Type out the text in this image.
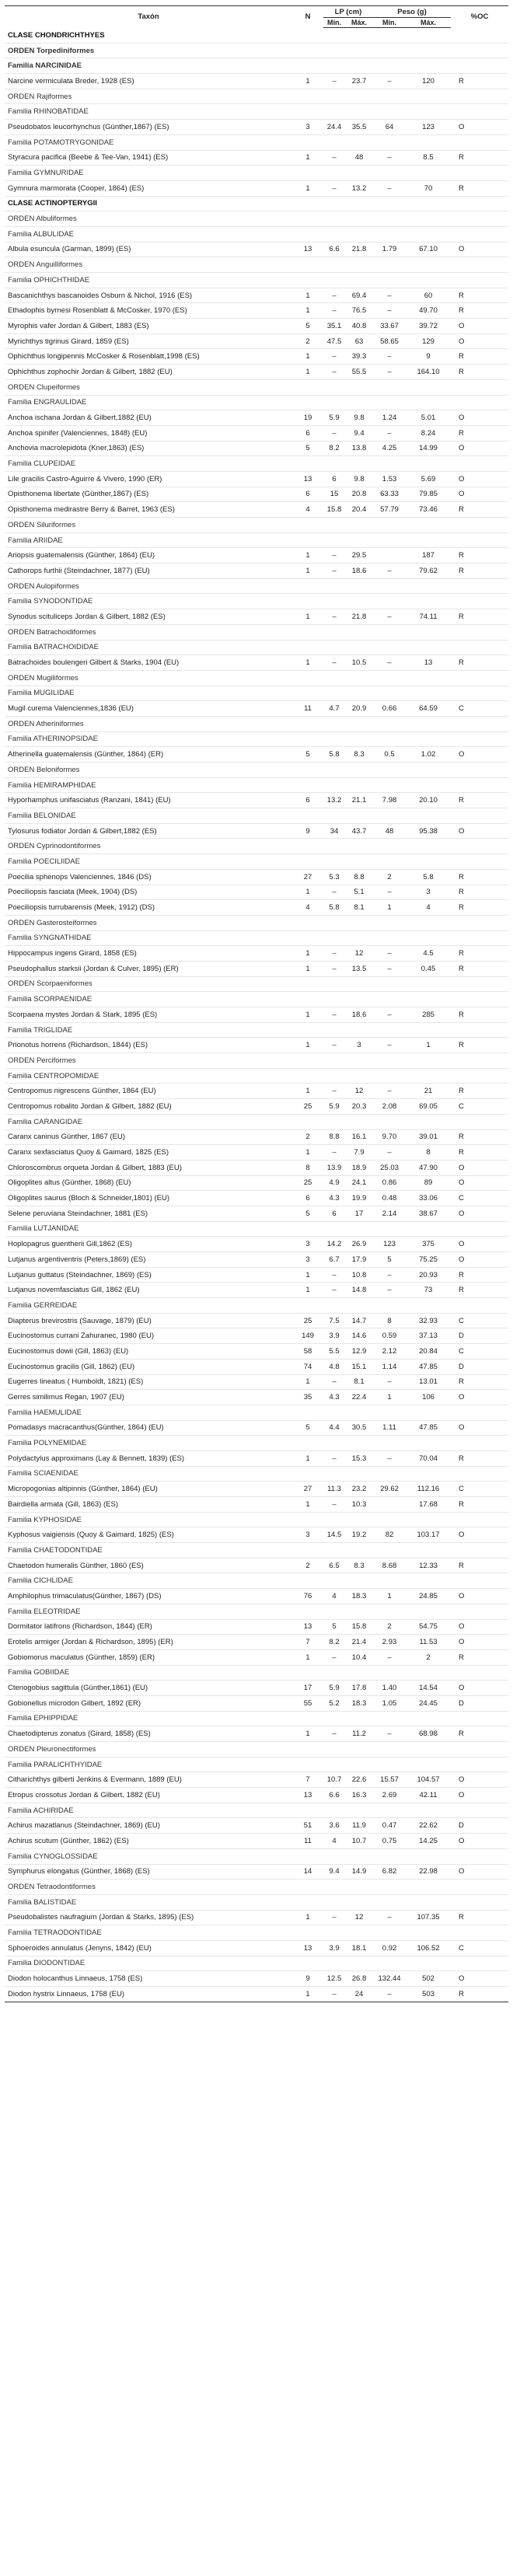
Taxón	N	LP (cm)		Peso (g)		%OC
		Mín.	Máx.	Mín.	Máx.	
CLASE CHONDRICHTHYES						
ORDEN Torpediniformes						
Familia NARCINIDAE						
Narcine vermiculata Breder, 1928 (ES)	1	–	23.7	–	120	R
ORDEN Rajiformes						
Familia RHINOBATIDAE						
Pseudobatos leucorhynchus (Günther,1867) (ES)	3	24.4	35.5	64	123	O
Familia POTAMOTRYGONIDAE						
Styracura pacifica (Beebe & Tee-Van, 1941) (ES)	1	–	48	–	8.5	R
Familia GYMNURIDAE						
Gymnura marmorata (Cooper, 1864) (ES)	1	–	13.2	–	70	R
CLASE ACTINOPTERYGII						
ORDEN Albuliformes						
Familia ALBULIDAE						
Albula esuncula (Garman, 1899) (ES)	13	6.6	21.8	1.79	67.10	O
ORDEN Anguilliformes						
Familia OPHICHTHIDAE						
Bascanichthys bascanoides Osburn & Nichol, 1916 (ES)	1	–	69.4	–	60	R
Ethadophis byrnesi Rosenblatt & McCosker, 1970 (ES)	1	–	76.5	–	49.70	R
Myrophis vafer Jordan & Gilbert, 1883 (ES)	5	35.1	40.8	33.67	39.72	O
Myrichthys tigrinus Girard, 1859 (ES)	2	47.5	63	58.65	129	O
Ophichthus longipennis McCosker & Rosenblatt,1998 (ES)	1	–	39.3	–	9	R
Ophichthus zophochir Jordan & Gilbert, 1882 (EU)	1	–	55.5	–	164.10	R
ORDEN Clupeiformes						
Familia ENGRAULIDAE						
Anchoa ischana Jordan & Gilbert,1882 (EU)	19	5.9	9.8	1.24	5.01	O
Anchoa spinifer (Valenciennes, 1848) (EU)	6	–	9.4	–	8.24	R
Anchovia macrolepidota (Kner,1863) (ES)	5	8.2	13.8	4.25	14.99	O
Familia CLUPEIDAE						
Lile gracilis Castro-Aguirre & Vivero, 1990 (ER)	13	6	9.8	1.53	5.69	O
Opisthonema libertate (Günther,1867) (ES)	6	15	20.8	63.33	79.85	O
Opisthonema medirastre Berry & Barret, 1963 (ES)	4	15.8	20.4	57.79	73.46	R
ORDEN Siluriformes						
Familia ARIIDAE						
Ariopsis guatemalensis (Günther, 1864) (EU)	1	–	29.5		187	R
Cathorops furthii (Steindachner, 1877) (EU)	1	–	18.6	–	79.62	R
ORDEN Aulopiformes						
Familia SYNODONTIDAE						
Synodus scituliceps Jordan & Gilbert, 1882 (ES)	1	–	21.8	–	74.11	R
ORDEN Batrachoidiformes						
Familia BATRACHOIDIDAE						
Batrachoides boulengeri Gilbert & Starks, 1904 (EU)	1	–	10.5	–	13	R
ORDEN Mugiliformes						
Familia MUGILIDAE						
Mugil curema Valenciennes,1836 (EU)	11	4.7	20.9	0.66	64.59	C
ORDEN Atheriniformes						
Familia ATHERINOPSIDAE						
Atherinella guatemalensis (Günther, 1864) (ER)	5	5.8	8.3	0.5	1.02	O
ORDEN Beloniformes						
Familia HEMIRAMPHIDAE						
Hyporhamphus unifasciatus (Ranzani, 1841) (EU)	6	13.2	21.1	7.98	20.10	R
Familia BELONIDAE						
Tylosurus fodiator Jordan & Gilbert,1882 (ES)	9	34	43.7	48	95.38	O
ORDEN Cyprinodontiformes						
Familia POECILIIDAE						
Poecilia sphenops Valenciennes, 1846 (DS)	27	5.3	8.8	2	5.8	R
Poeciliopsis fasciata (Meek, 1904) (DS)	1	–	5.1	–	3	R
Poeciliopsis turrubarensis (Meek, 1912) (DS)	4	5.8	8.1	1	4	R
ORDEN Gasterosteiformes						
Familia SYNGNATHIDAE						
Hippocampus ingens Girard, 1858 (ES)	1	–	12	–	4.5	R
Pseudophallus starksii (Jordan & Culver, 1895) (ER)	1	–	13.5	–	0.45	R
ORDEN Scorpaeniformes						
Familia SCORPAENIDAE						
Scorpaena mystes Jordan & Stark, 1895 (ES)	1	–	18.6	–	285	R
Familia TRIGLIDAE						
Prionotus horrens (Richardson, 1844) (ES)	1	–	3	–	1	R
ORDEN Perciformes						
Familia CENTROPOMIDAE						
Centropomus nigrescens Günther, 1864 (EU)	1	–	12	–	21	R
Centropomus robalito Jordan & Gilbert, 1882 (EU)	25	5.9	20.3	2.08	69.05	C
Familia CARANGIDAE						
Caranx caninus Günther, 1867 (EU)	2	8.8	16.1	9.70	39.01	R
Caranx sexfasciatus Quoy & Gaimard, 1825 (ES)	1	–	7.9	–	8	R
Chloroscombrus orqueta Jordan & Gilbert, 1883 (EU)	8	13.9	18.9	25.03	47.90	O
Oligoplites altus (Günther, 1868) (EU)	25	4.9	24.1	0.86	89	O
Oligoplites saurus (Bloch & Schneider,1801) (EU)	6	4.3	19.9	0.48	33.06	C
Selene peruviana Steindachner, 1881 (ES)	5	6	17	2.14	38.67	O
Familia LUTJANIDAE						
Hoplopagrus guentherii Gill,1862 (ES)	3	14.2	26.9	123	375	O
Lutjanus argentiventris (Peters,1869) (ES)	3	6.7	17.9	5	75.25	O
Lutjanus guttatus (Steindachner, 1869) (ES)	1	–	10.8	–	20.93	R
Lutjanus novemfasciatus Gill, 1862 (EU)	1	–	14.8	–	73	R
Familia GERREIDAE						
Diapterus brevirostris (Sauvage, 1879) (EU)	25	7.5	14.7	8	32.93	C
Eucinostomus currani Zahuranec, 1980 (EU)	149	3.9	14.6	0.59	37.13	D
Eucinostomus dowii (Gill, 1863) (EU)	58	5.5	12.9	2.12	20.84	C
Eucinostomus gracilis (Gill, 1862) (EU)	74	4.8	15.1	1.14	47.85	D
Eugerres lineatus ( Humboldt, 1821) (ES)	1	–	8.1	–	13.01	R
Gerres similimus Regan, 1907 (EU)	35	4.3	22.4	1	106	O
Familia HAEMULIDAE						
Pomadasys macracanthus(Günther, 1864) (EU)	5	4.4	30.5	1.11	47.85	O
Familia POLYNEMIDAE						
Polydactylus approximans (Lay & Bennett, 1839) (ES)	1	–	15.3	–	70.04	R
Familia SCIAENIDAE						
Micropogonias altipinnis (Günther, 1864) (EU)	27	11.3	23.2	29.62	112.16	C
Bairdiella armata (Gill, 1863) (ES)	1	–	10.3		17.68	R
Familia KYPHOSIDAE						
Kyphosus vaigiensis (Quoy & Gaimard, 1825) (ES)	3	14.5	19.2	82	103.17	O
Familia CHAETODONTIDAE						
Chaetodon humeralis Günther, 1860 (ES)	2	6.5	8.3	8.68	12.33	R
Familia CICHLIDAE						
Amphilophus trimaculatus(Günther, 1867) (DS)	76	4	18.3	1	24.85	O
Familia ELEOTRIDAE						
Dormitator latifrons (Richardson, 1844) (ER)	13	5	15.8	2	54.75	O
Erotelis armiger (Jordan & Richardson, 1895) (ER)	7	8.2	21.4	2.93	11.53	O
Gobiomorus maculatus (Günther, 1859) (ER)	1	–	10.4	–	2	R
Familia GOBIIDAE						
Ctenogobius sagittula (Günther,1861) (EU)	17	5.9	17.8	1.40	14.54	O
Gobionellus microdon Gilbert, 1892 (ER)	55	5.2	18.3	1.05	24.45	D
Familia EPHIPPIDAE						
Chaetodipterus zonatus (Girard, 1858) (ES)	1	–	11.2	–	68.98	R
ORDEN Pleuronectiformes						
Familia PARALICHTHYIDAE						
Citharichthys gilberti Jenkins & Evermann, 1889 (EU)	7	10.7	22.6	15.57	104.57	O
Etropus crossotus Jordan & Gilbert, 1882 (EU)	13	6.6	16.3	2.69	42.11	O
Familia ACHIRIDAE						
Achirus mazatlanus (Steindachner, 1869) (EU)	51	3.6	11.9	0.47	22.62	D
Achirus scutum (Günther, 1862) (ES)	11	4	10.7	0.75	14.25	O
Familia CYNOGLOSSIDAE						
Symphurus elongatus (Günther, 1868) (ES)	14	9.4	14.9	6.82	22.98	O
ORDEN Tetraodontiformes						
Familia BALISTIDAE						
Pseudobalistes naufragium (Jordan & Starks, 1895) (ES)	1	–	12	–	107.35	R
Familia TETRAODONTIDAE						
Sphoeroides annulatus (Jenyns, 1842) (EU)	13	3.9	18.1	0.92	106.52	C
Familia DIODONTIDAE						
Diodon holocanthus Linnaeus, 1758 (ES)	9	12.5	26.8	132.44	502	O
Diodon hystrix Linnaeus, 1758 (EU)	1	–	24	–	503	R
